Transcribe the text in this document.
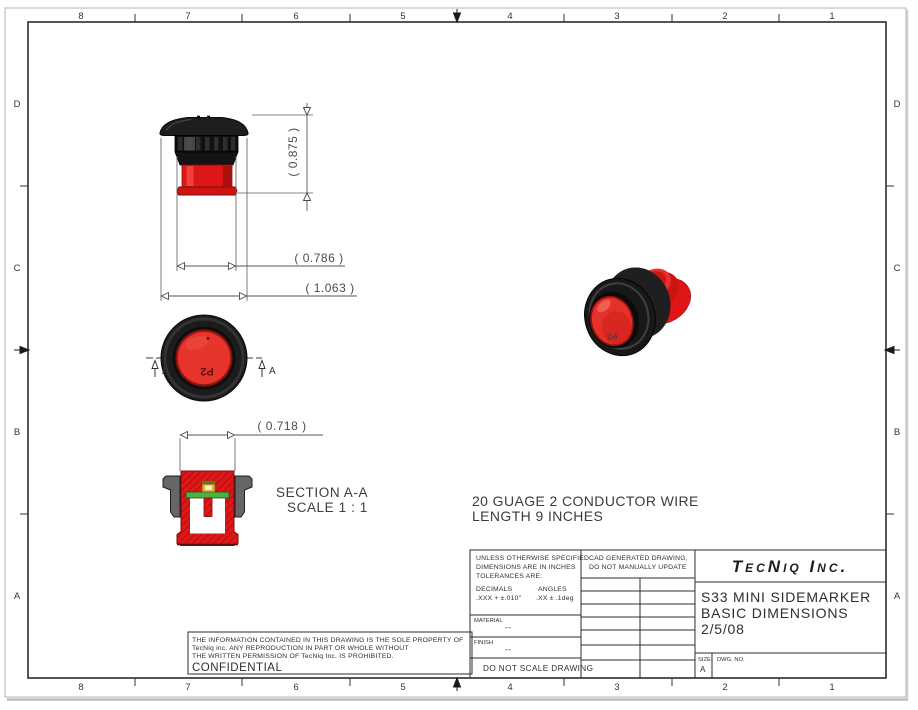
8	7	6	5	4	3	2	1
8	7	6	5	4	3	2	1
D
C
B
A
D
C
B
A
( 0.875 )
( 0.786 )
( 1.063 )
P2
A	A
( 0.718 )
SECTION A-A
SCALE 1 : 1
P2
20 GUAGE 2 CONDUCTOR WIRE
LENGTH 9 INCHES
THE INFORMATION CONTAINED IN THIS DRAWING IS THE SOLE PROPERTY OF
TecNiq inc. ANY REPRODUCTION IN PART OR WHOLE WITHOUT
THE WRITTEN PERMISSION OF TecNiq Inc. IS PROHIBITED.
CONFIDENTIAL
UNLESS OTHERWISE SPECIFIED
DIMENSIONS ARE IN INCHES
TOLERANCES ARE:
DECIMALS	ANGLES
.XXX + ±.010" .XX ± .1deg
MATERIAL
--
FINISH
--
DO NOT SCALE DRAWING
CAD GENERATED DRAWING,
DO NOT MANUALLY UPDATE	TecNiq Inc.
S33 MINI SIDEMARKER
BASIC DIMENSIONS
2/5/08
SIZE
A
DWG. NO.
